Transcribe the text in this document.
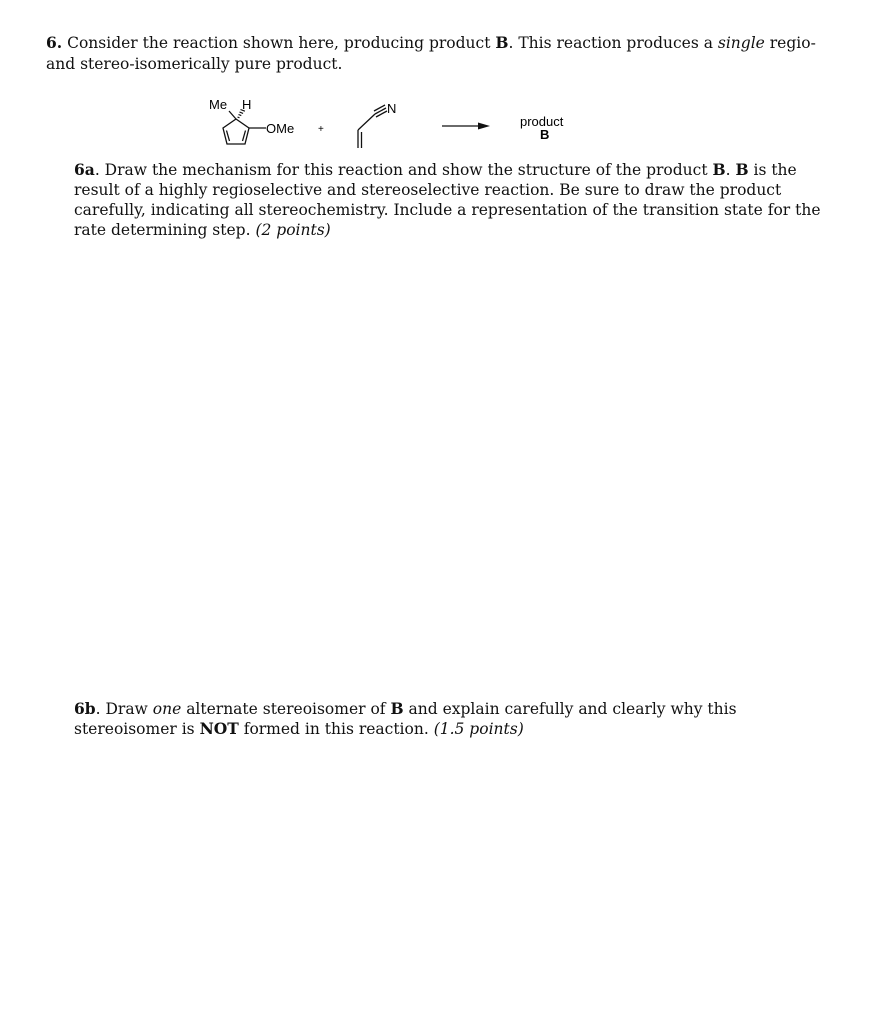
6. Consider the reaction shown here, producing product B. This reaction produces a single regio- and stereo-isomerically pure product.
Me H
OMe +
N
product
B
6a. Draw the mechanism for this reaction and show the structure of the product B. B is the result of a highly regioselective and stereoselective reaction. Be sure to draw the product carefully, indicating all stereochemistry. Include a representation of the transition state for the rate determining step. (2 points)
6b. Draw one alternate stereoisomer of B and explain carefully and clearly why this stereoisomer is NOT formed in this reaction. (1.5 points)
